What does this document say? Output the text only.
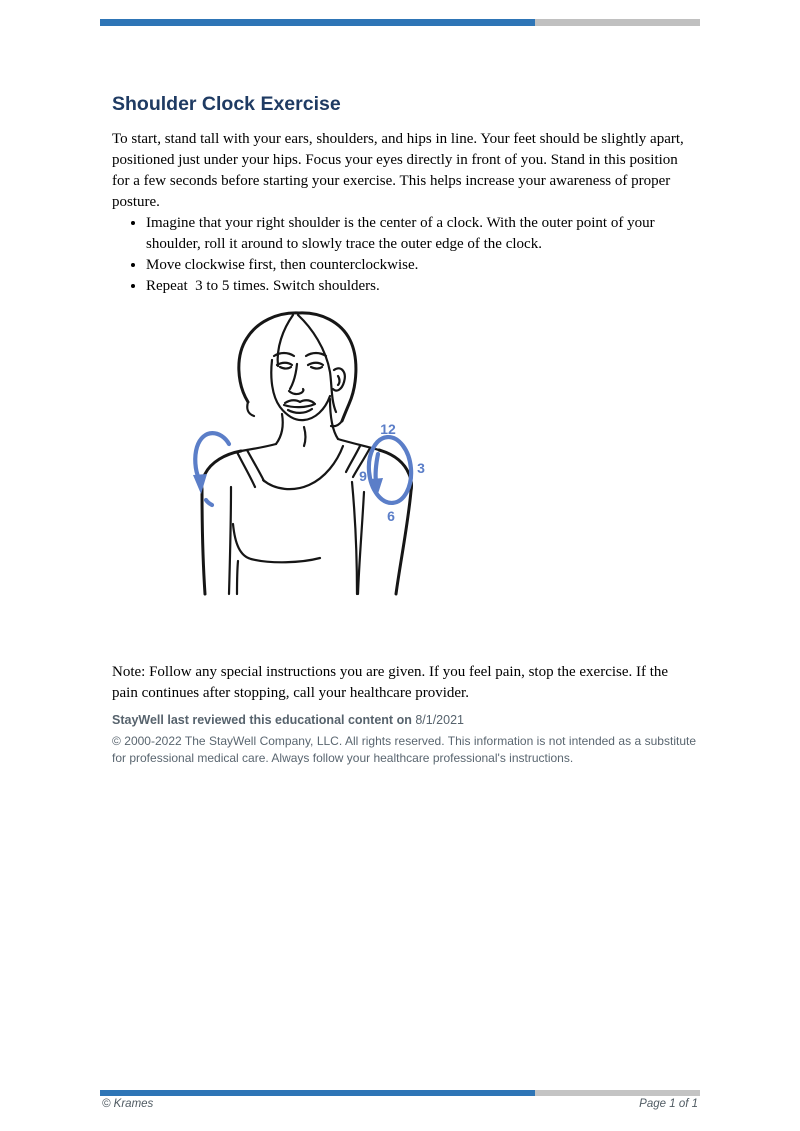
Shoulder Clock Exercise

To start, stand tall with your ears, shoulders, and hips in line. Your feet should be slightly apart, positioned just under your hips. Focus your eyes directly in front of you. Stand in this position for a few seconds before starting your exercise. This helps increase your awareness of proper posture.

• Imagine that your right shoulder is the center of a clock. With the outer point of your shoulder, roll it around to slowly trace the outer edge of the clock.
• Move clockwise first, then counterclockwise.
• Repeat  3 to 5 times. Switch shoulders.
12
3
9
6

Note: Follow any special instructions you are given. If you feel pain, stop the exercise. If the pain continues after stopping, call your healthcare provider.

StayWell last reviewed this educational content on 8/1/2021

© 2000-2022 The StayWell Company, LLC. All rights reserved. This information is not intended as a substitute for professional medical care. Always follow your healthcare professional's instructions.

© Krames	Page 1 of 1
